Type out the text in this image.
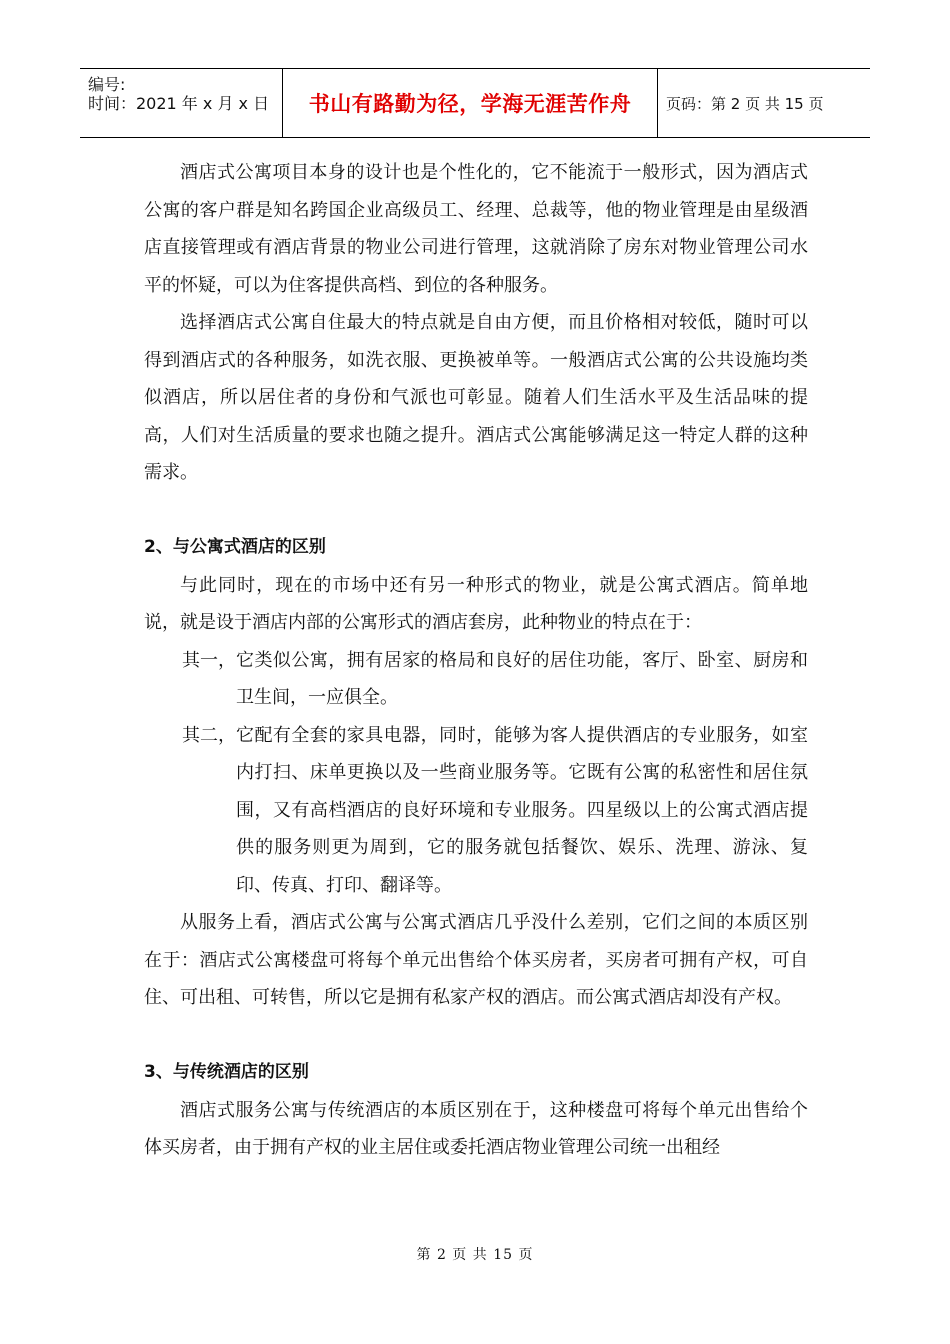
编号:
时间：2021 年 x 月 x 日 书山有路勤为径，学海无涯苦作舟 页码：第 2 页 共 15 页

酒店式公寓项目本身的设计也是个性化的，它不能流于一般形式，因为酒店式公寓的客户群是知名跨国企业高级员工、经理、总裁等，他的物业管理是由星级酒店直接管理或有酒店背景的物业公司进行管理，这就消除了房东对物业管理公司水平的怀疑，可以为住客提供高档、到位的各种服务。

选择酒店式公寓自住最大的特点就是自由方便，而且价格相对较低，随时可以得到酒店式的各种服务，如洗衣服、更换被单等。一般酒店式公寓的公共设施均类似酒店，所以居住者的身份和气派也可彰显。随着人们生活水平及生活品味的提高，人们对生活质量的要求也随之提升。酒店式公寓能够满足这一特定人群的这种需求。

2、与公寓式酒店的区别

与此同时，现在的市场中还有另一种形式的物业，就是公寓式酒店。简单地说，就是设于酒店内部的公寓形式的酒店套房，此种物业的特点在于：

其一， 它类似公寓，拥有居家的格局和良好的居住功能，客厅、卧室、厨房和卫生间，一应俱全。
其二， 它配有全套的家具电器，同时，能够为客人提供酒店的专业服务，如室内打扫、床单更换以及一些商业服务等。它既有公寓的私密性和居住氛围，又有高档酒店的良好环境和专业服务。四星级以上的公寓式酒店提供的服务则更为周到，它的服务就包括餐饮、娱乐、洗理、游泳、复印、传真、打印、翻译等。

从服务上看，酒店式公寓与公寓式酒店几乎没什么差别，它们之间的本质区别在于：酒店式公寓楼盘可将每个单元出售给个体买房者，买房者可拥有产权，可自住、可出租、可转售，所以它是拥有私家产权的酒店。而公寓式酒店却没有产权。

3、与传统酒店的区别

酒店式服务公寓与传统酒店的本质区别在于，这种楼盘可将每个单元出售给个体买房者，由于拥有产权的业主居住或委托酒店物业管理公司统一出租经

第 2 页 共 15 页
